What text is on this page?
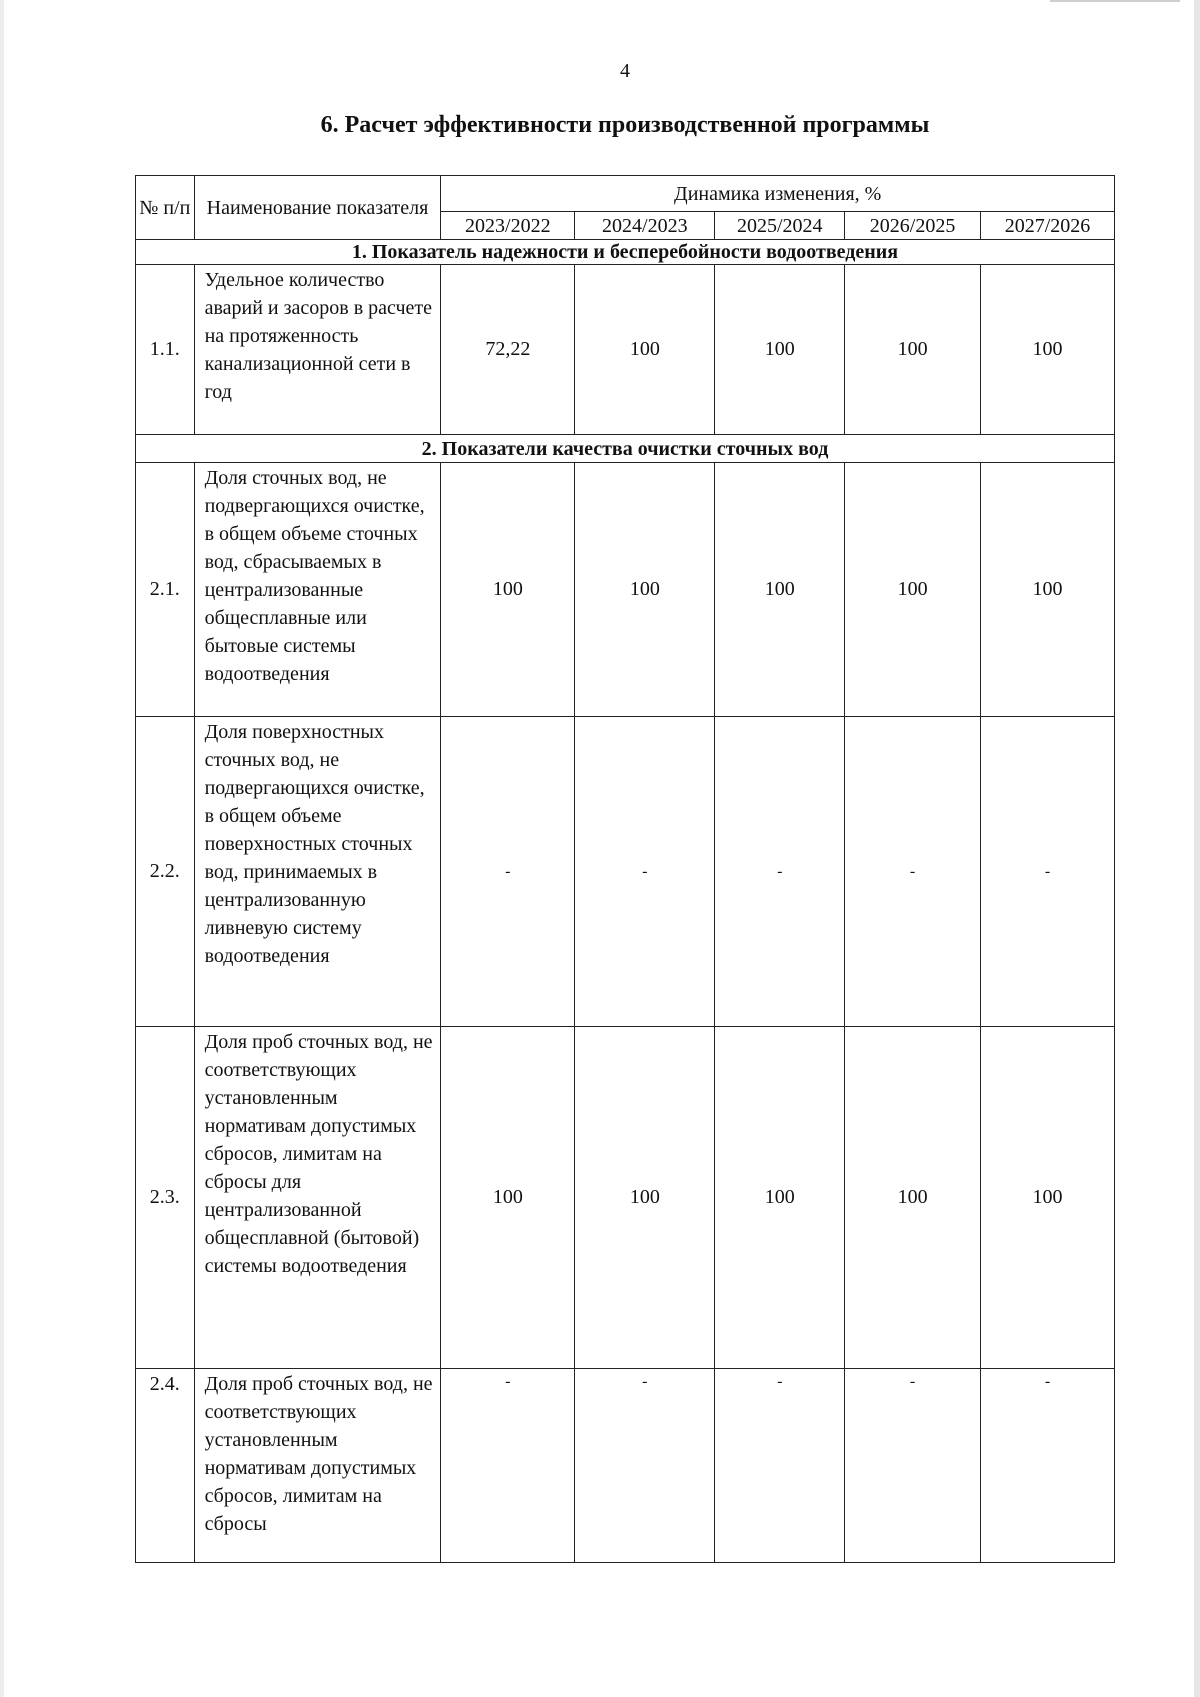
4
6. Расчет эффективности производственной программы
№ п/п	Наименование показателя	Динамика изменения, %				
		2023/2022	2024/2023	2025/2024	2026/2025	2027/2026
1. Показатель надежности и бесперебойности водоотведения						
1.1.	Удельное количество аварий и засоров в расчете на протяженность канализационной сети в год	72,22	100	100	100	100
2. Показатели качества очистки сточных вод						
2.1.	Доля сточных вод, не подвергающихся очистке, в общем объеме сточных вод, сбрасываемых в централизованные общесплавные или бытовые системы водоотведения	100	100	100	100	100
2.2.	Доля поверхностных сточных вод, не подвергающихся очистке, в общем объеме поверхностных сточных вод, принимаемых в централизованную ливневую систему водоотведения	-	-	-	-	-
2.3.	Доля проб сточных вод, не соответствующих установленным нормативам допустимых сбросов, лимитам на сбросы для централизованной общесплавной (бытовой) системы водоотведения	100	100	100	100	100
2.4.	Доля проб сточных вод, не соответствующих установленным нормативам допустимых сбросов, лимитам на сбросы	-	-	-	-	-
